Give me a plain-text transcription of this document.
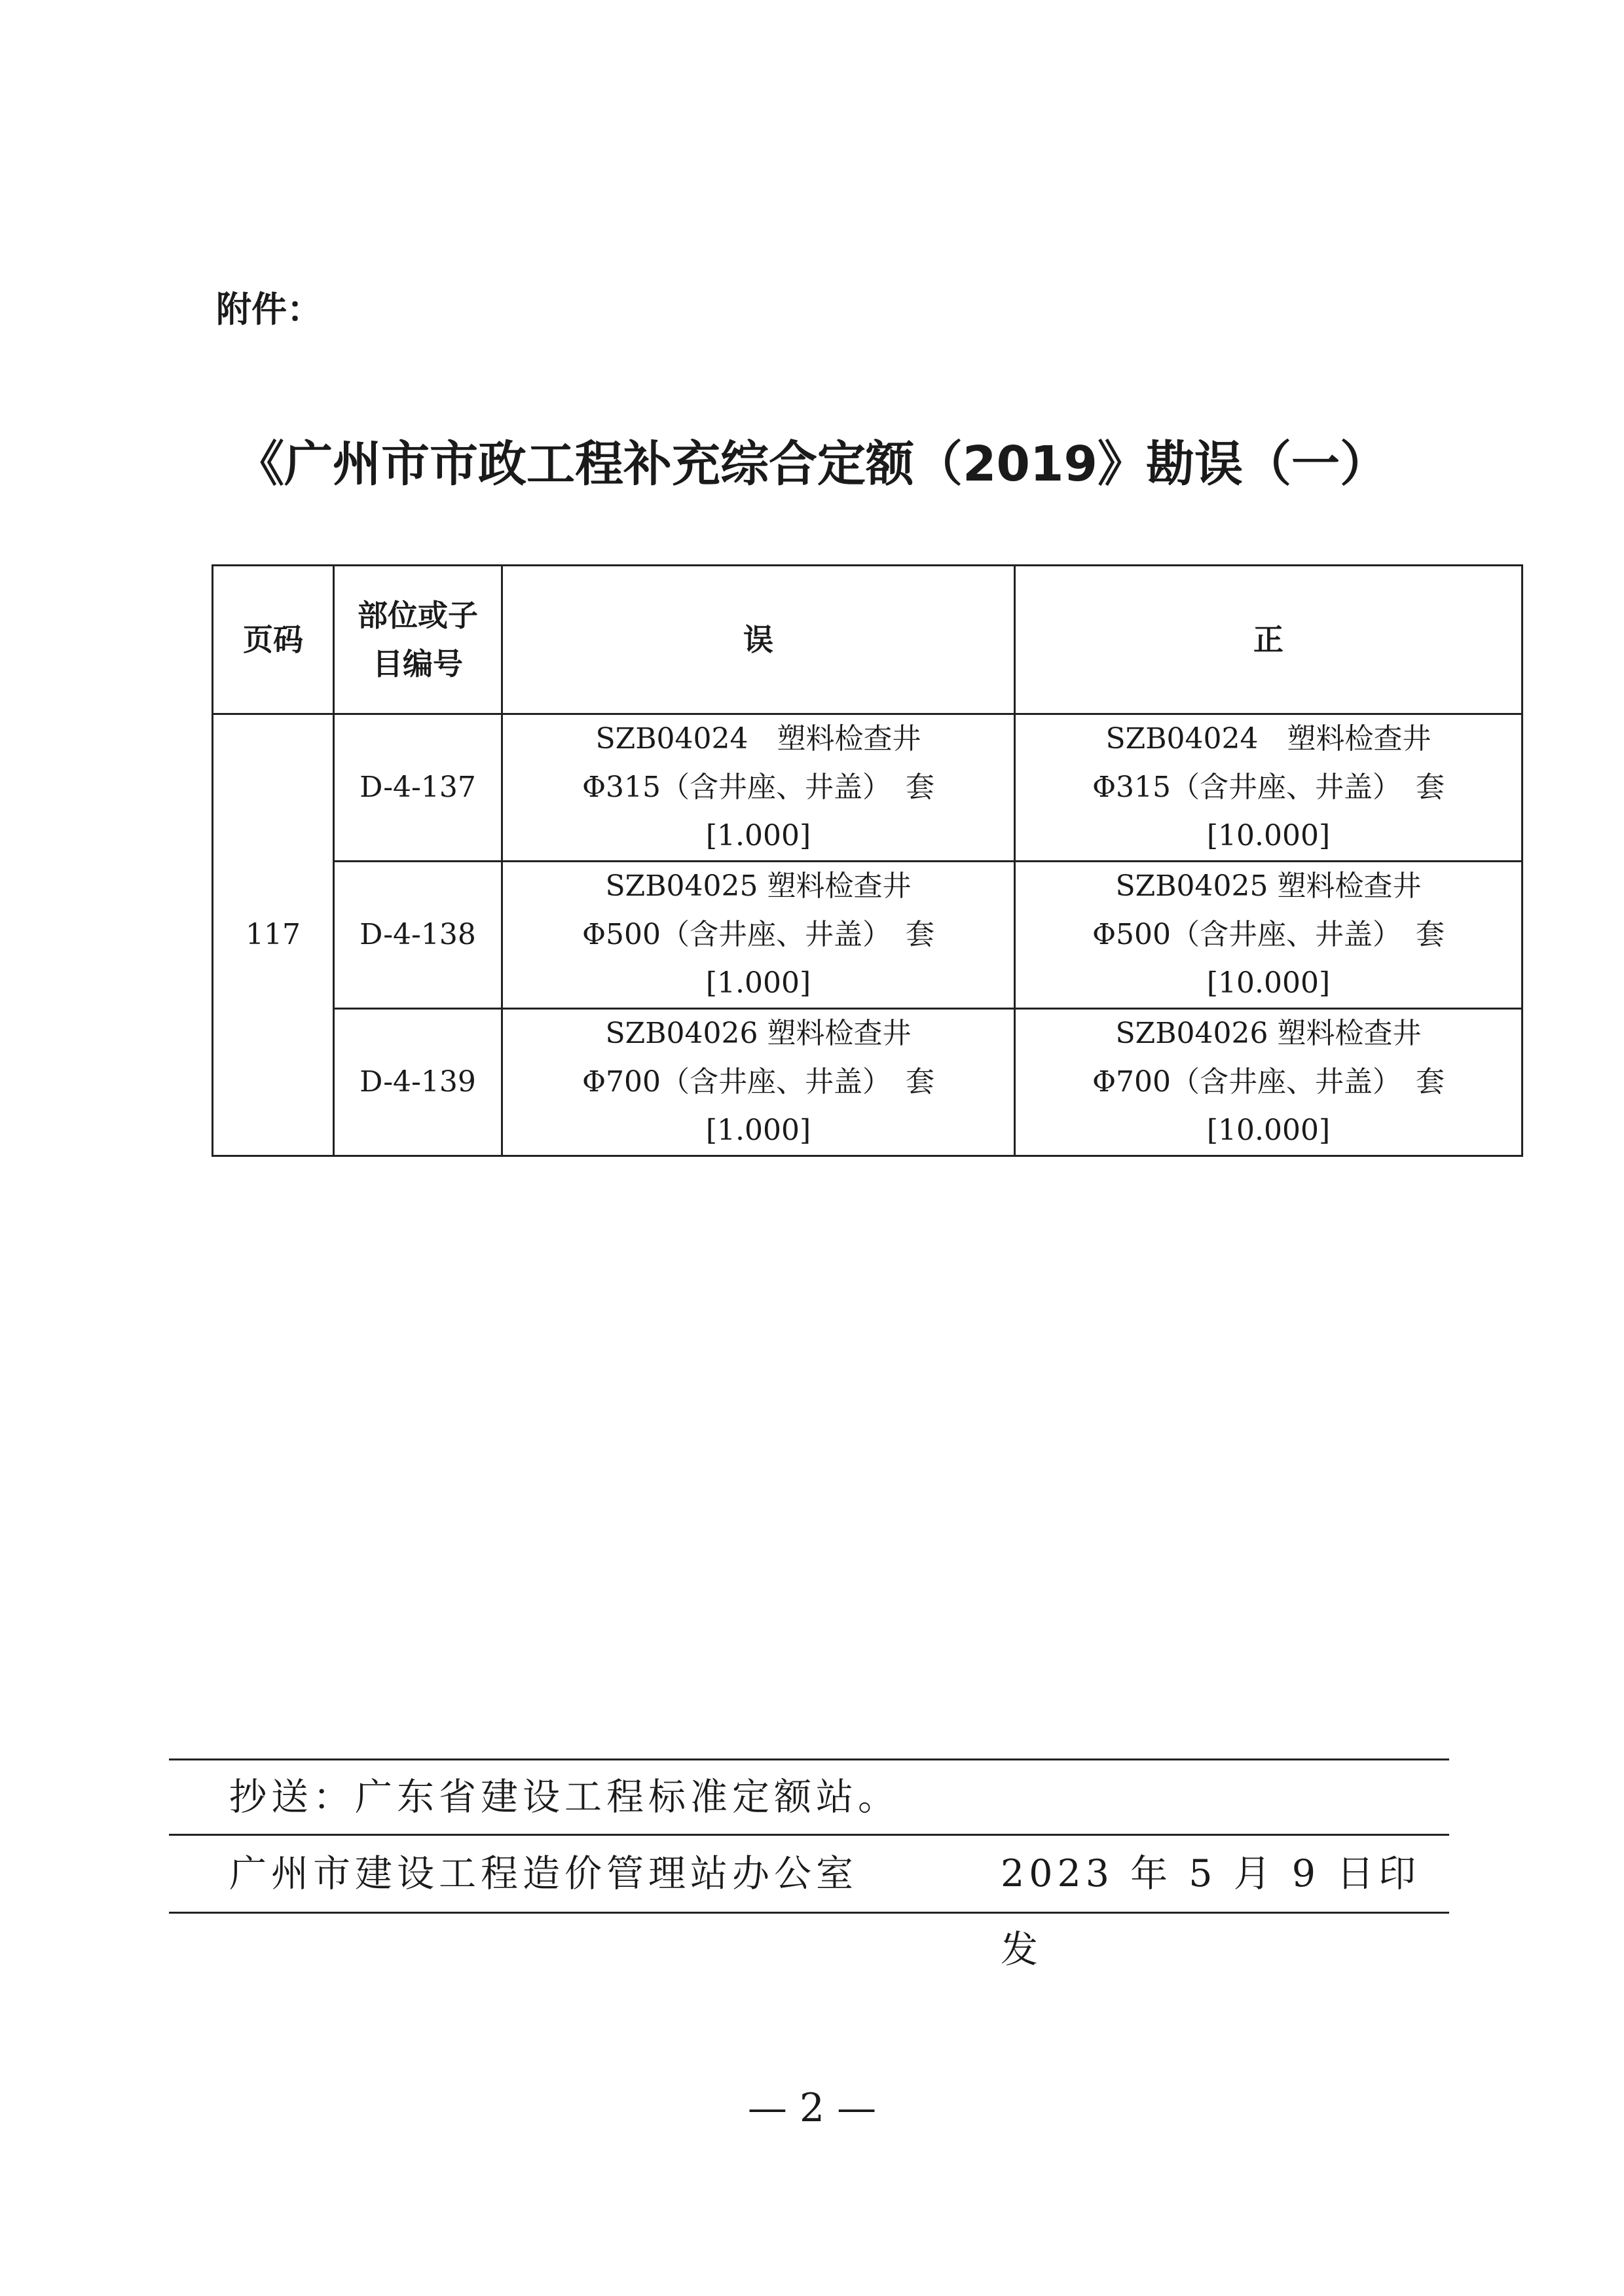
附件：
《广州市市政工程补充综合定额（2019》勘误（一）
页码	部位或子
目编号	误	正
117	D-4-137	SZB04024　塑料检查井
Φ315（含井座、井盖）　套
[1.000]	SZB04024　塑料检查井
Φ315（含井座、井盖）　套
[10.000]

	D-4-138	SZB04025 塑料检查井
Φ500（含井座、井盖）　套
[1.000]	SZB04025 塑料检查井
Φ500（含井座、井盖）　套
[10.000]

	D-4-139	SZB04026 塑料检查井
Φ700（含井座、井盖）　套
[1.000]	SZB04026 塑料检查井
Φ700（含井座、井盖）　套
[10.000]
抄送：广东省建设工程标准定额站。
广州市建设工程造价管理站办公室	2023 年 5 月 9 日印发
— 2 —
